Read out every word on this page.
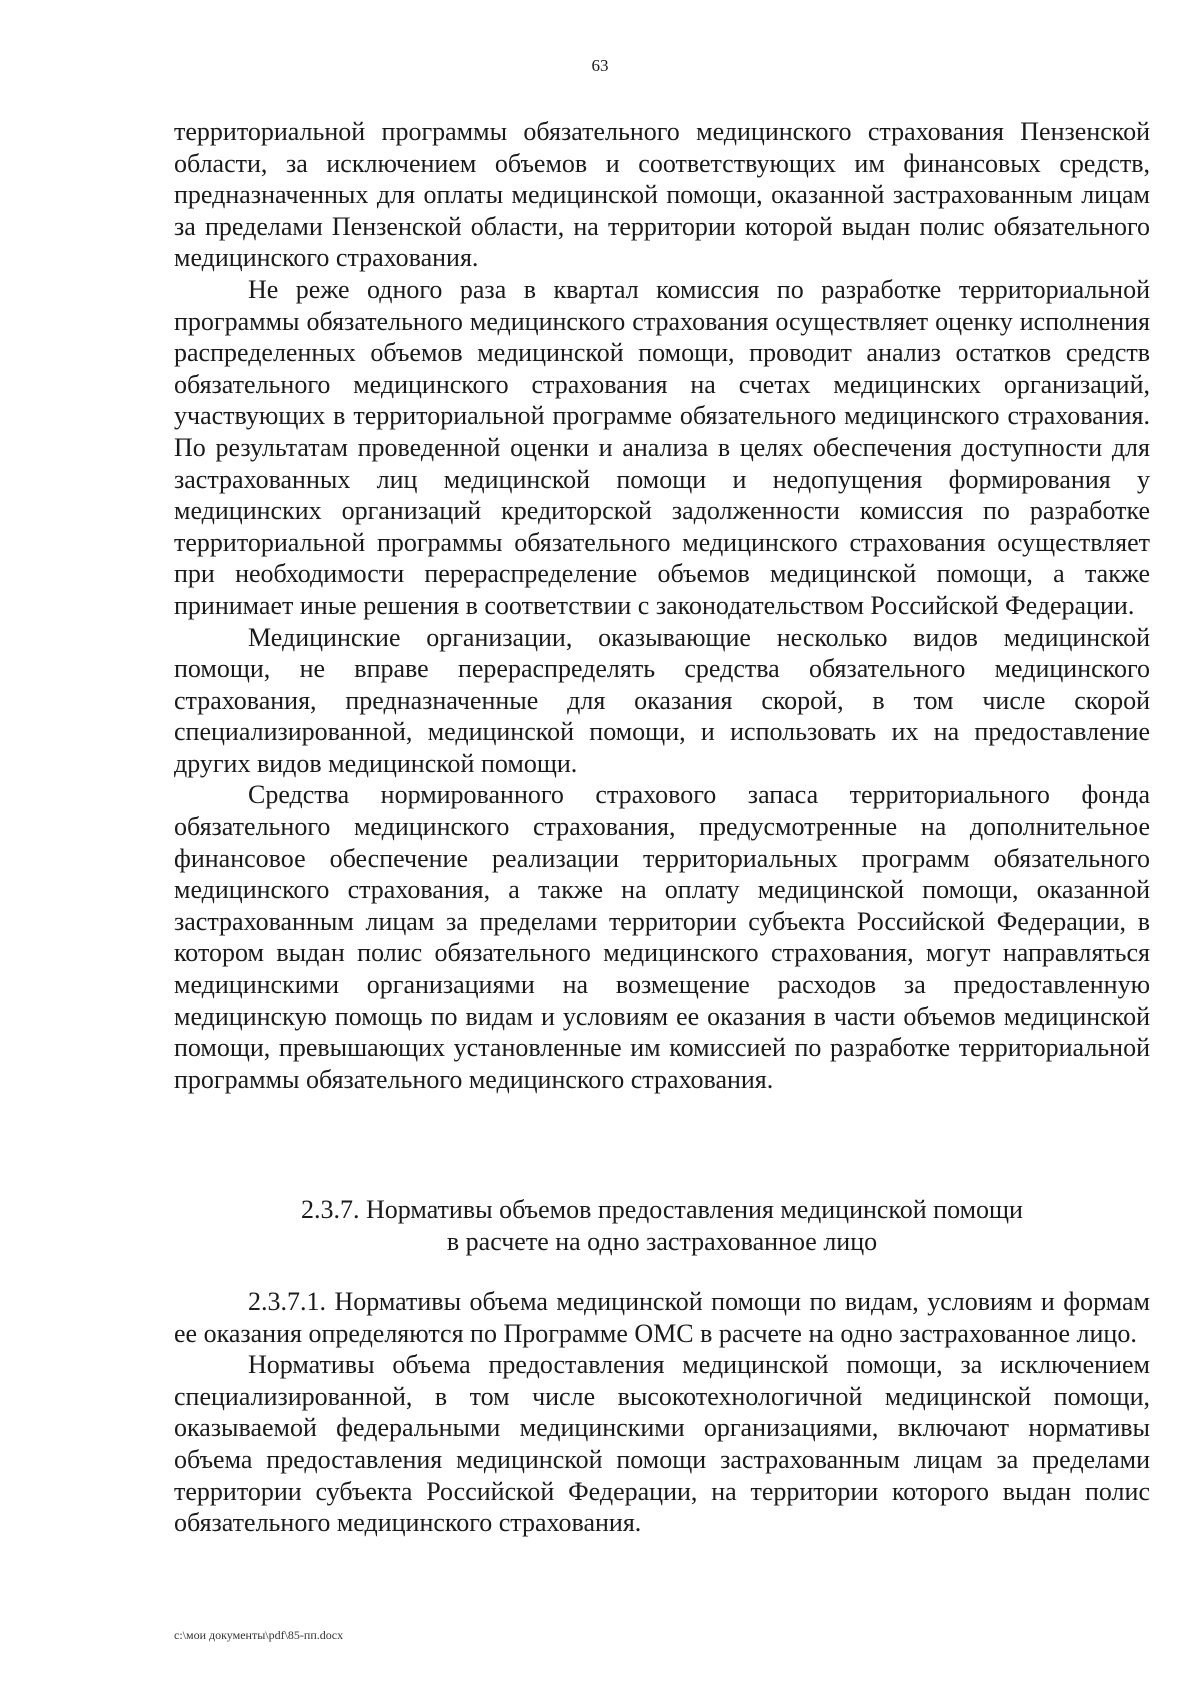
63

территориальной программы обязательного медицинского страхования Пензенской области, за исключением объемов и соответствующих им финансовых средств, предназначенных для оплаты медицинской помощи, оказанной застрахованным лицам за пределами Пензенской области, на территории которой выдан полис обязательного медицинского страхования.

Не реже одного раза в квартал комиссия по разработке территориальной программы обязательного медицинского страхования осуществляет оценку исполнения распределенных объемов медицинской помощи, проводит анализ остатков средств обязательного медицинского страхования на счетах медицинских организаций, участвующих в территориальной программе обязательного медицинского страхования. По результатам проведенной оценки и анализа в целях обеспечения доступности для застрахованных лиц медицинской помощи и недопущения формирования у медицинских организаций кредиторской задолженности комиссия по разработке территориальной программы обязательного медицинского страхования осуществляет при необходимости перераспределение объемов медицинской помощи, а также принимает иные решения в соответствии с законодательством Российской Федерации.

Медицинские организации, оказывающие несколько видов медицинской помощи, не вправе перераспределять средства обязательного медицинского страхования, предназначенные для оказания скорой, в том числе скорой специализированной, медицинской помощи, и использовать их на предоставление других видов медицинской помощи.

Средства нормированного страхового запаса территориального фонда обязательного медицинского страхования, предусмотренные на дополнительное финансовое обеспечение реализации территориальных программ обязательного медицинского страхования, а также на оплату медицинской помощи, оказанной застрахованным лицам за пределами территории субъекта Российской Федерации, в котором выдан полис обязательного медицинского страхования, могут направляться медицинскими организациями на возмещение расходов за предоставленную медицинскую помощь по видам и условиям ее оказания в части объемов медицинской помощи, превышающих установленные им комиссией по разработке территориальной программы обязательного медицинского страхования.

2.3.7. Нормативы объемов предоставления медицинской помощи
в расчете на одно застрахованное лицо

2.3.7.1. Нормативы объема медицинской помощи по видам, условиям и формам ее оказания определяются по Программе ОМС в расчете на одно застрахованное лицо.

Нормативы объема предоставления медицинской помощи, за исключением специализированной, в том числе высокотехнологичной медицинской помощи, оказываемой федеральными медицинскими организациями, включают нормативы объема предоставления медицинской помощи застрахованным лицам за пределами территории субъекта Российской Федерации, на территории которого выдан полис обязательного медицинского страхования.

c:\мои документы\pdf\85-пп.docx
